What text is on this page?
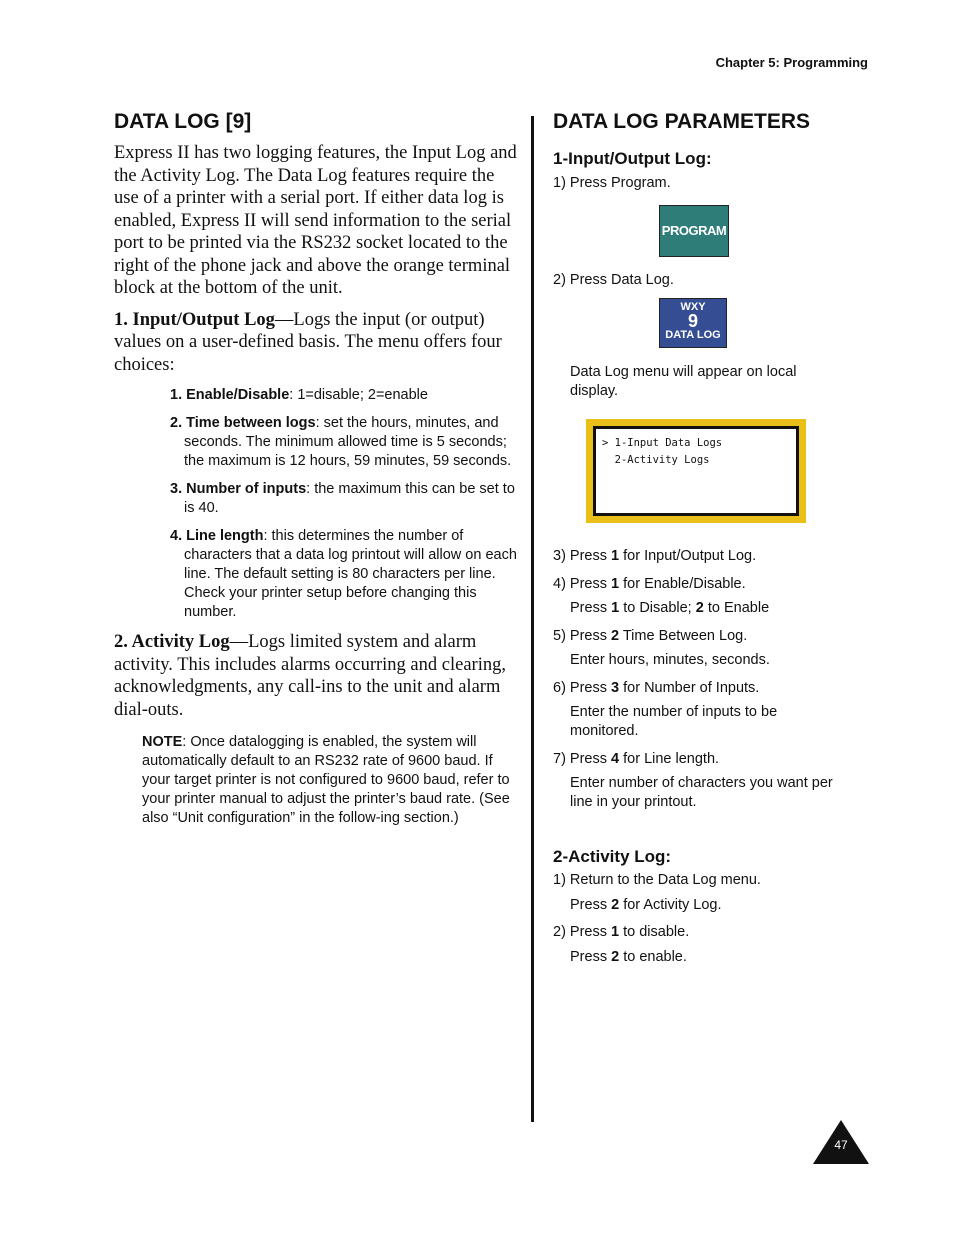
Chapter 5: Programming
DATA LOG [9]

Express II has two logging features, the Input Log and the Activity Log. The Data Log features require the use of a printer with a serial port. If either data log is enabled, Express II will send information to the serial port to be printed via the RS232 socket located to the right of the phone jack and above the orange terminal block at the bottom of the unit.

1. Input/Output Log—Logs the input (or output) values on a user-defined basis. The menu offers four choices:

1. Enable/Disable: 1=disable; 2=enable
2. Time between logs: set the hours, minutes, and seconds. The minimum allowed time is 5 seconds; the maximum is 12 hours, 59 minutes, 59 seconds.
3. Number of inputs: the maximum this can be set to is 40.
4. Line length: this determines the number of characters that a data log printout will allow on each line. The default setting is 80 characters per line. Check your printer setup before changing this number.

2. Activity Log—Logs limited system and alarm activity. This includes alarms occurring and clearing, acknowledgments, any call-ins to the unit and alarm dial-outs.

NOTE: Once datalogging is enabled, the system will automatically default to an RS232 rate of 9600 baud. If your target printer is not configured to 9600 baud, refer to your printer manual to adjust the printer’s baud rate. (See also “Unit configuration” in the follow-ing section.)

DATA LOG PARAMETERS
1-Input/Output Log:

1) Press Program.

PROGRAM

2) Press Data Log.

WXY
9
DATA LOG

Data Log menu will appear on local display.

> 1-Input Data Logs
2-Activity Logs

3) Press 1 for Input/Output Log.

4) Press 1 for Enable/Disable.

Press 1 to Disable; 2 to Enable

5) Press 2 Time Between Log.

Enter hours, minutes, seconds.

6) Press 3 for Number of Inputs.

Enter the number of inputs to be monitored.

7) Press 4 for Line length.

Enter number of characters you want per line in your printout.

2-Activity Log:

1) Return to the Data Log menu.

Press 2 for Activity Log.

2) Press 1 to disable.

Press 2 to enable.

47
